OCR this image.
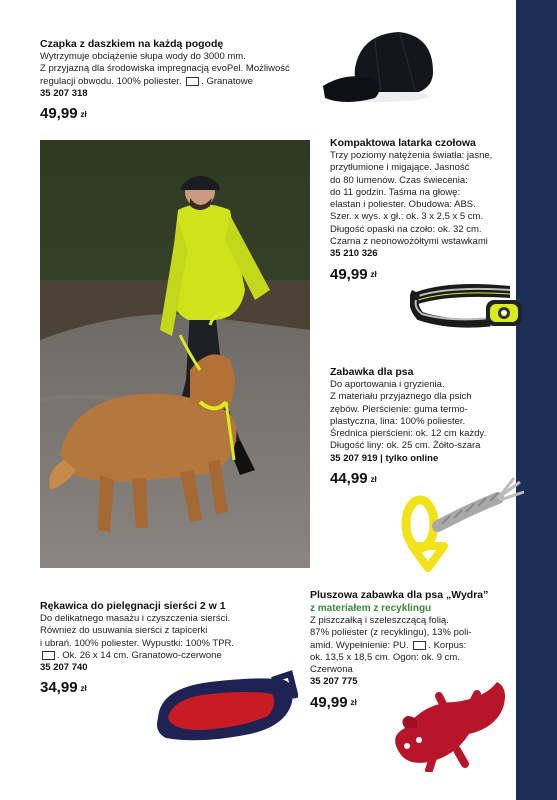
Czapka z daszkiem na każdą pogodę
Wytrzymuje obciążenie słupa wody do 3000 mm.
Z przyjazną dla środowiska impregnacją evoPel. Możliwość
regulacji obwodu. 100% poliester. . Granatowe
35 207 318
49,99 zł
Kompaktowa latarka czołowa
Trzy poziomy natężenia światła: jasne,
przytłumione i migające. Jasność
do 80 lumenów. Czas świecenia:
do 11 godzin. Taśma na głowę:
elastan i poliester. Obudowa: ABS.
Szer. x wys. x gł.: ok. 3 x 2,5 x 5 cm.
Długość opaski na czoło: ok. 32 cm.
Czarna z neonowożółtymi wstawkami
35 210 326
49,99 zł
Zabawka dla psa
Do aportowania i gryzienia.
Z materiału przyjaznego dla psich
zębów. Pierścienie: guma termo-
plastyczna, lina: 100% poliester.
Średnica pierścieni: ok. 12 cm każdy.
Długość liny: ok. 25 cm. Żółto-szara
35 207 919 | tylko online
44,99 zł
Rękawica do pielęgnacji sierści 2 w 1
Do delikatnego masażu i czyszczenia sierści.
Również do usuwania sierści z tapicerki
i ubrań. 100% poliester. Wypustki: 100% TPR.
. Ok. 26 x 14 cm. Granatowo-czerwone
35 207 740
34,99 zł
Pluszowa zabawka dla psa „Wydra”
z materiałem z recyklingu
Z piszczałką i szeleszczącą folią.
87% poliester (z recyklingu), 13% poli-
amid. Wypełnienie: PU. . Korpus:
ok. 13,5 x 18,5 cm. Ogon: ok. 9 cm.
Czerwona
35 207 775
49,99 zł
